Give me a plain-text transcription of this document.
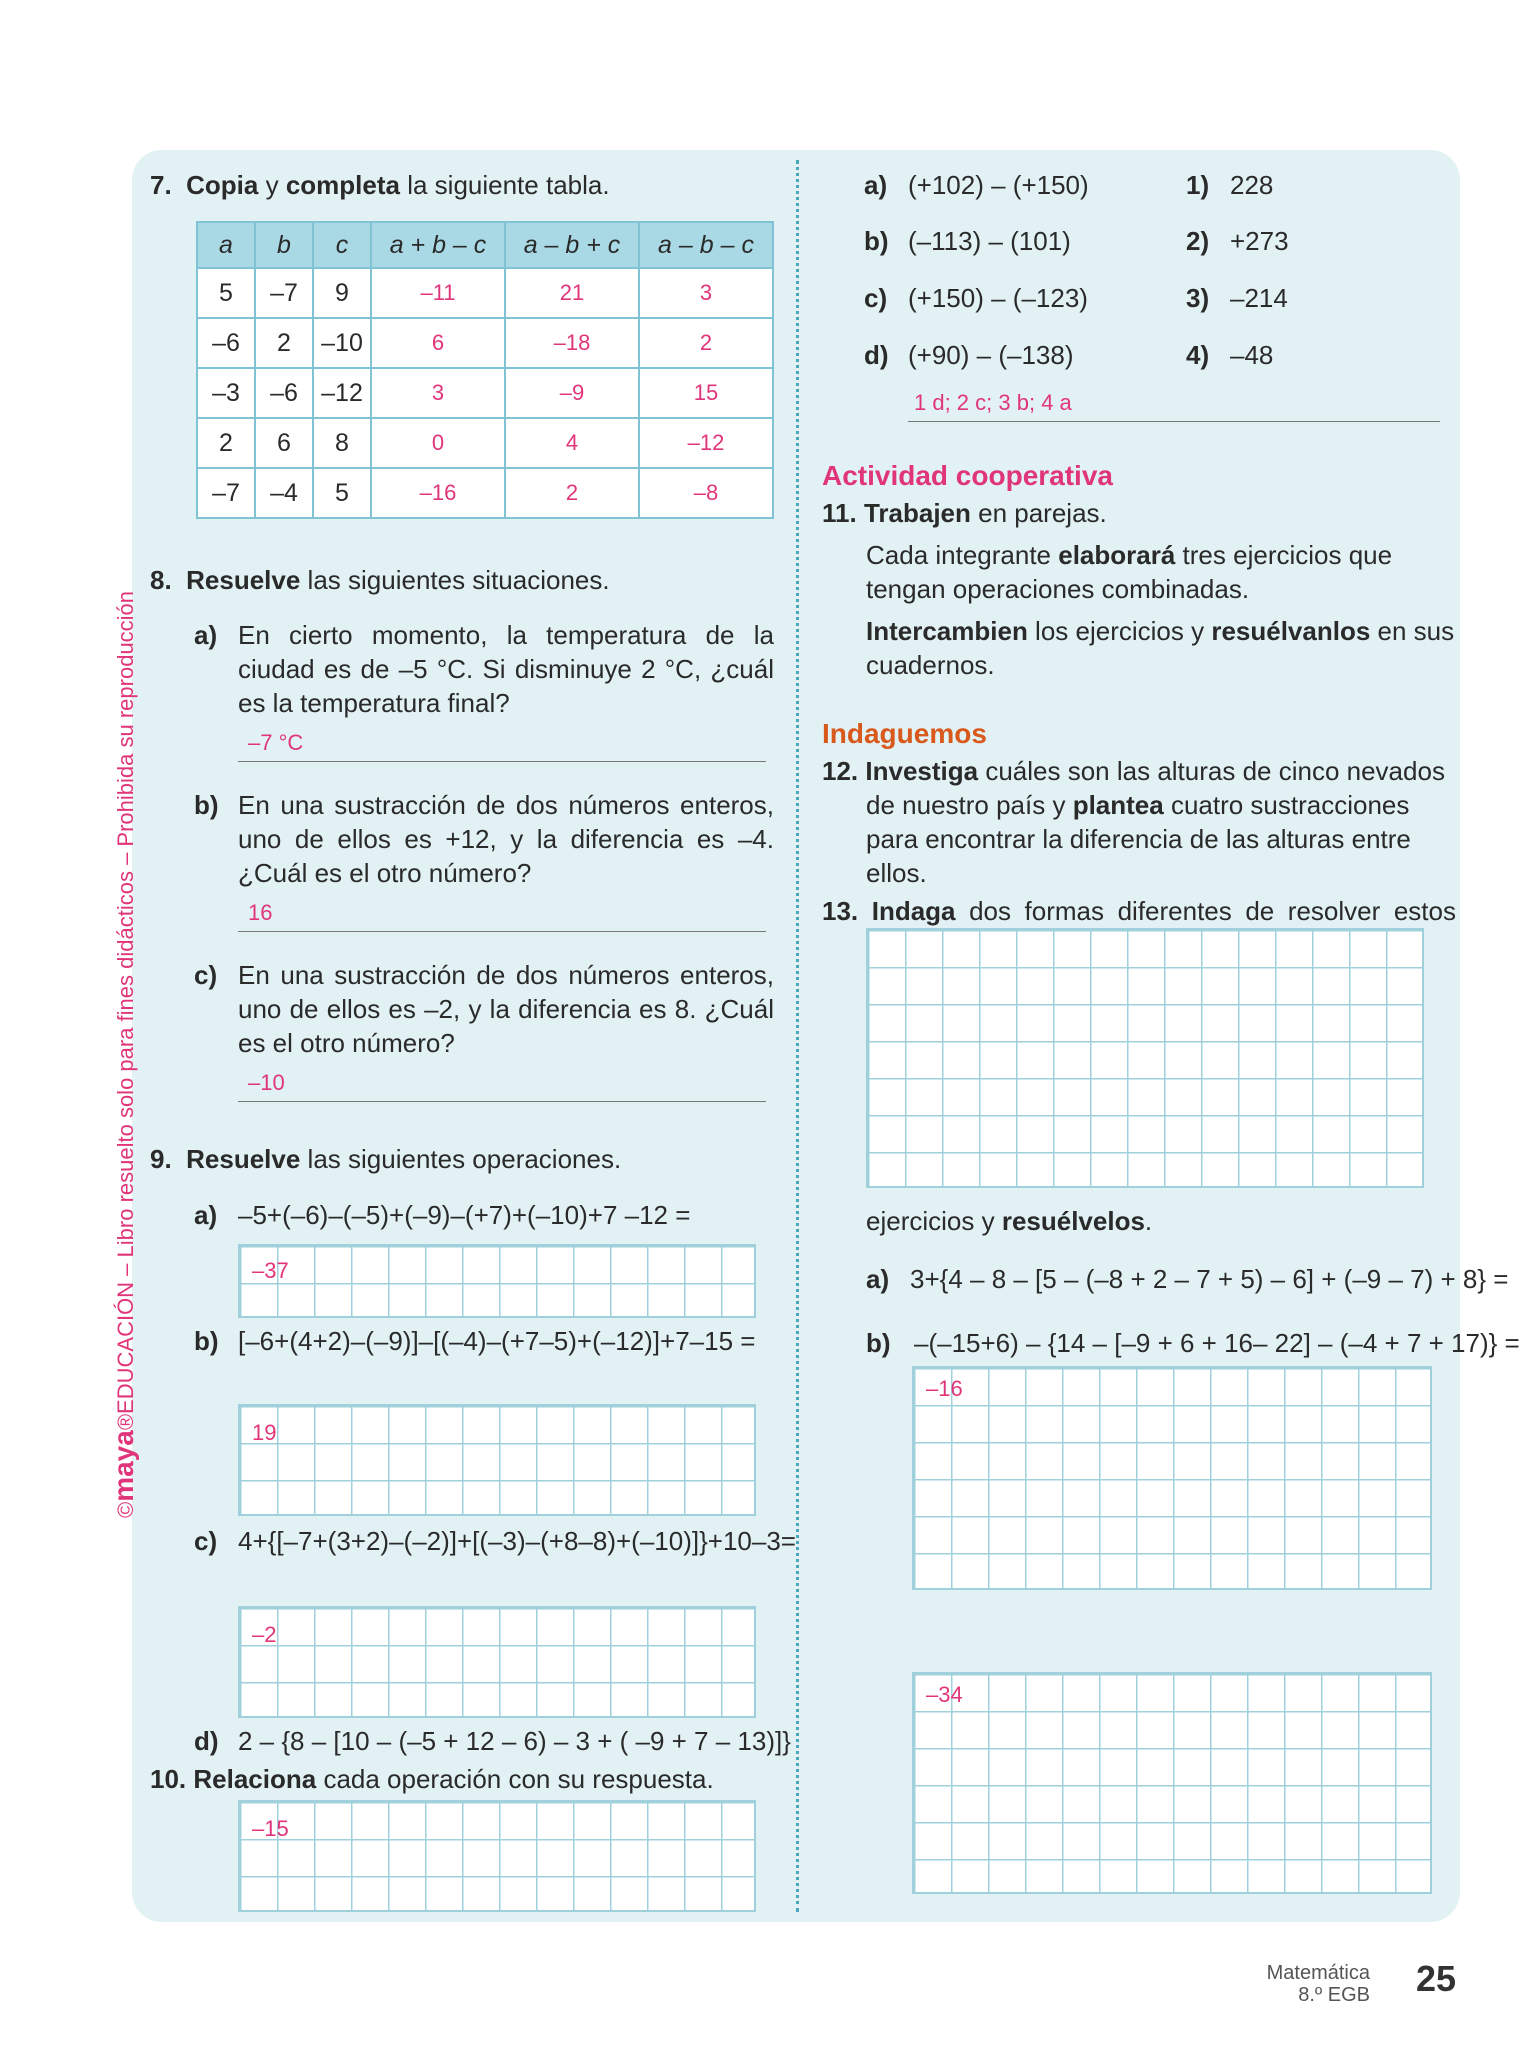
©maya®EDUCACIÓN – Libro resuelto solo para fines didácticos – Prohibida su reproducción
7. Copia y completa la siguiente tabla.
a	b	c	a + b – c	a – b + c	a – b – c
5	–7	9	–11	21	3
–6	2	–10	6	–18	2
–3	–6	–12	3	–9	15
2	6	8	0	4	–12
–7	–4	5	–16	2	–8
8. Resuelve las siguientes situaciones.
a) En cierto momento, la temperatura de la ciudad es de –5 °C. Si disminuye 2 °C, ¿cuál es la temperatura final?
–7 °C
b) En una sustracción de dos números enteros, uno de ellos es +12, y la diferencia es –4. ¿Cuál es el otro número?
16
c) En una sustracción de dos números enteros, uno de ellos es –2, y la diferencia es 8. ¿Cuál es el otro número?
–10
9. Resuelve las siguientes operaciones.
a) –5+(–6)–(–5)+(–9)–(+7)+(–10)+7 –12 =
–37
b) [–6+(4+2)–(–9)]–[(–4)–(+7–5)+(–12)]+7–15 =
19
c) 4+{[–7+(3+2)–(–2)]+[(–3)–(+8–8)+(–10)]}+10–3=
–2
d) 2 – {8 – [10 – (–5 + 12 – 6) – 3 + ( –9 + 7 – 13)]}
10. Relaciona cada operación con su respuesta.
–15
a) (+102) – (+150)	1) 228
b) (–113) – (101)	2) +273
c) (+150) – (–123)	3) –214
d) (+90) – (–138)	4) –48
1 d; 2 c; 3 b; 4 a
Actividad cooperativa
11. Trabajen en parejas.
Cada integrante elaborará tres ejercicios que tengan operaciones combinadas.
Intercambien los ejercicios y resuélvanlos en sus cuadernos.
Indaguemos
12. Investiga cuáles son las alturas de cinco nevados de nuestro país y plantea cuatro sustracciones para encontrar la diferencia de las alturas entre ellos.
13. Indaga dos formas diferentes de resolver estos
ejercicios y resuélvelos.
a) 3+{4 – 8 – [5 – (–8 + 2 – 7 + 5) – 6] + (–9 – 7) + 8} =
b) –(–15+6) – {14 – [–9 + 6 + 16– 22] – (–4 + 7 + 17)} =
–16
–34
Matemática
8.º EGB 25
